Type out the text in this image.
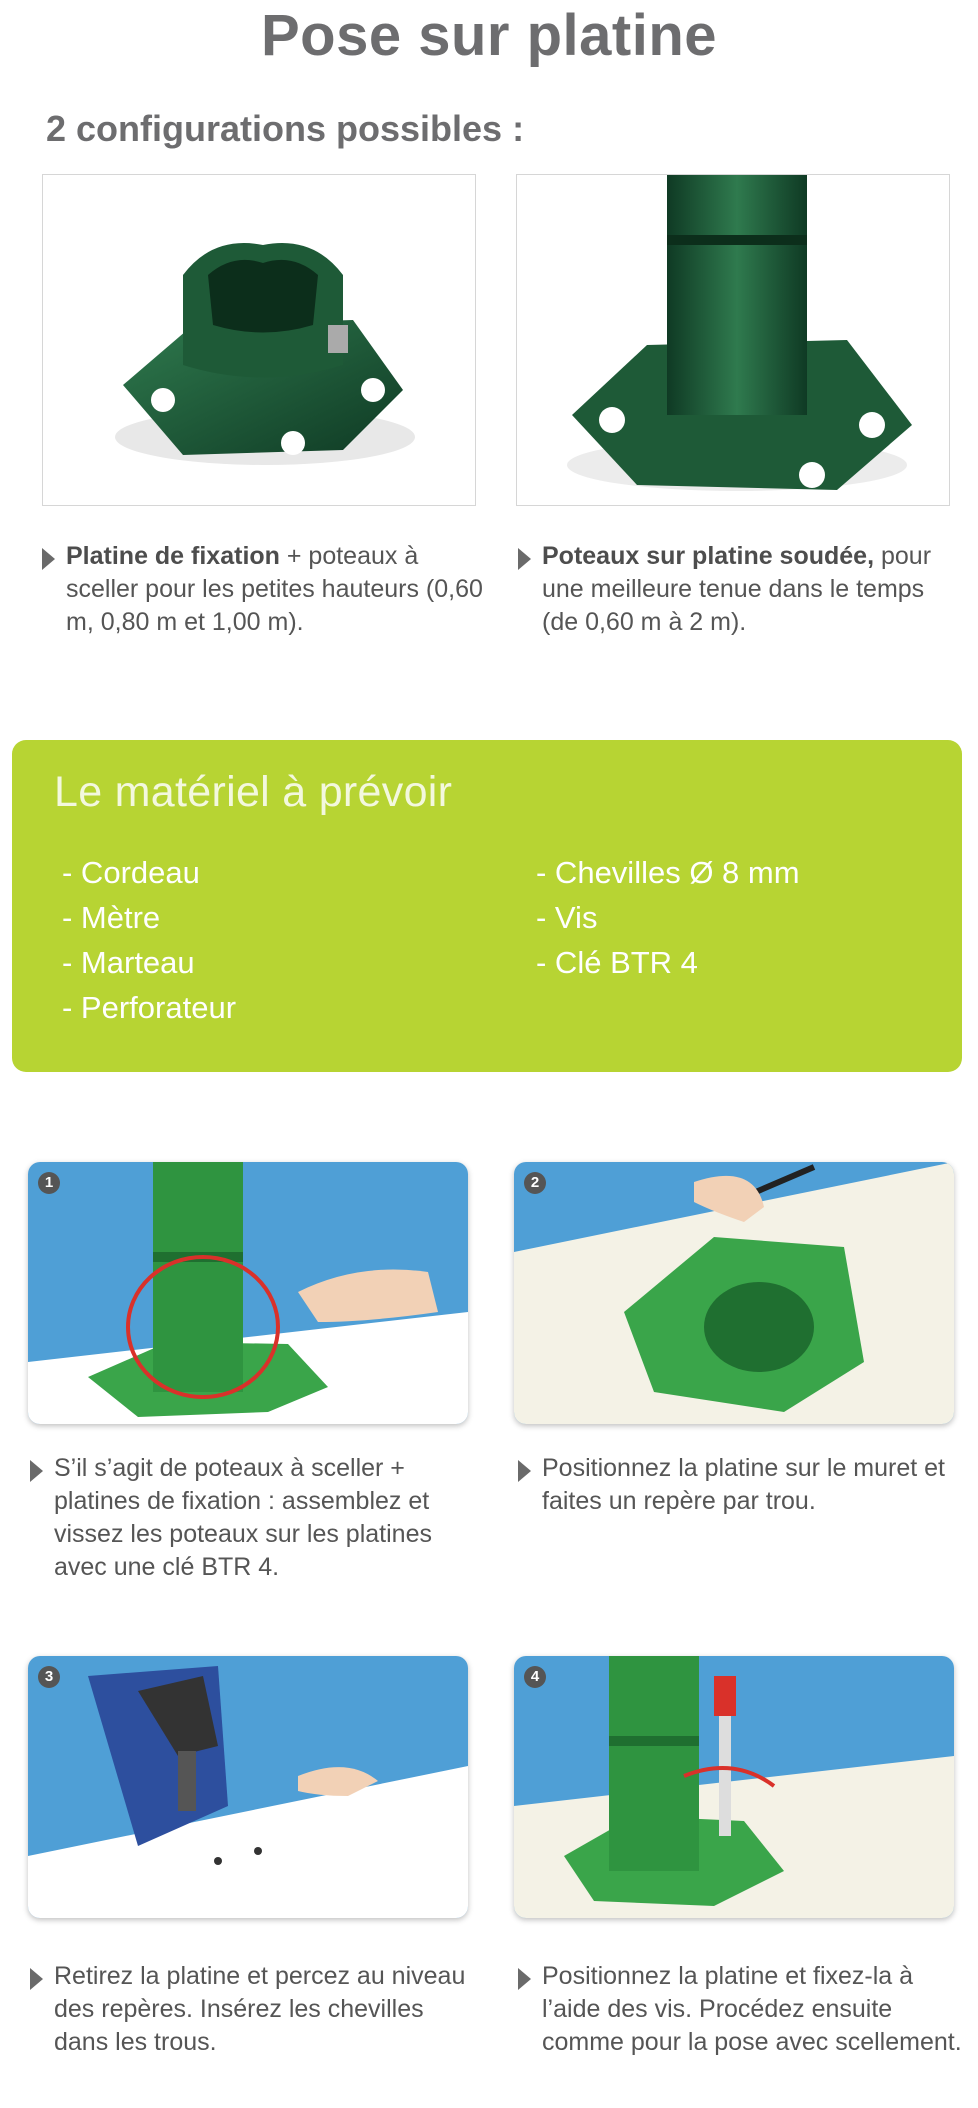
Pose sur platine
2 configurations possibles :
Platine de fixation + poteaux à sceller pour les petites hauteurs (0,60 m, 0,80 m et 1,00 m).
Poteaux sur platine soudée, pour une meilleure tenue dans le temps (de 0,60 m à 2 m).
Le matériel à prévoir
- Cordeau
- Mètre
- Marteau
- Perforateur
- Chevilles Ø 8 mm
- Vis
- Clé BTR 4
1	2
S’il s’agit de poteaux à sceller + platines de fixation : assemblez et vissez les poteaux sur les platines avec une clé BTR 4.
Positionnez la platine sur le muret et faites un repère par trou.
3	4
Retirez la platine et percez au niveau des repères. Insérez les chevilles dans les trous.
Positionnez la platine et fixez-la à l’aide des vis. Procédez ensuite comme pour la pose avec scellement.
